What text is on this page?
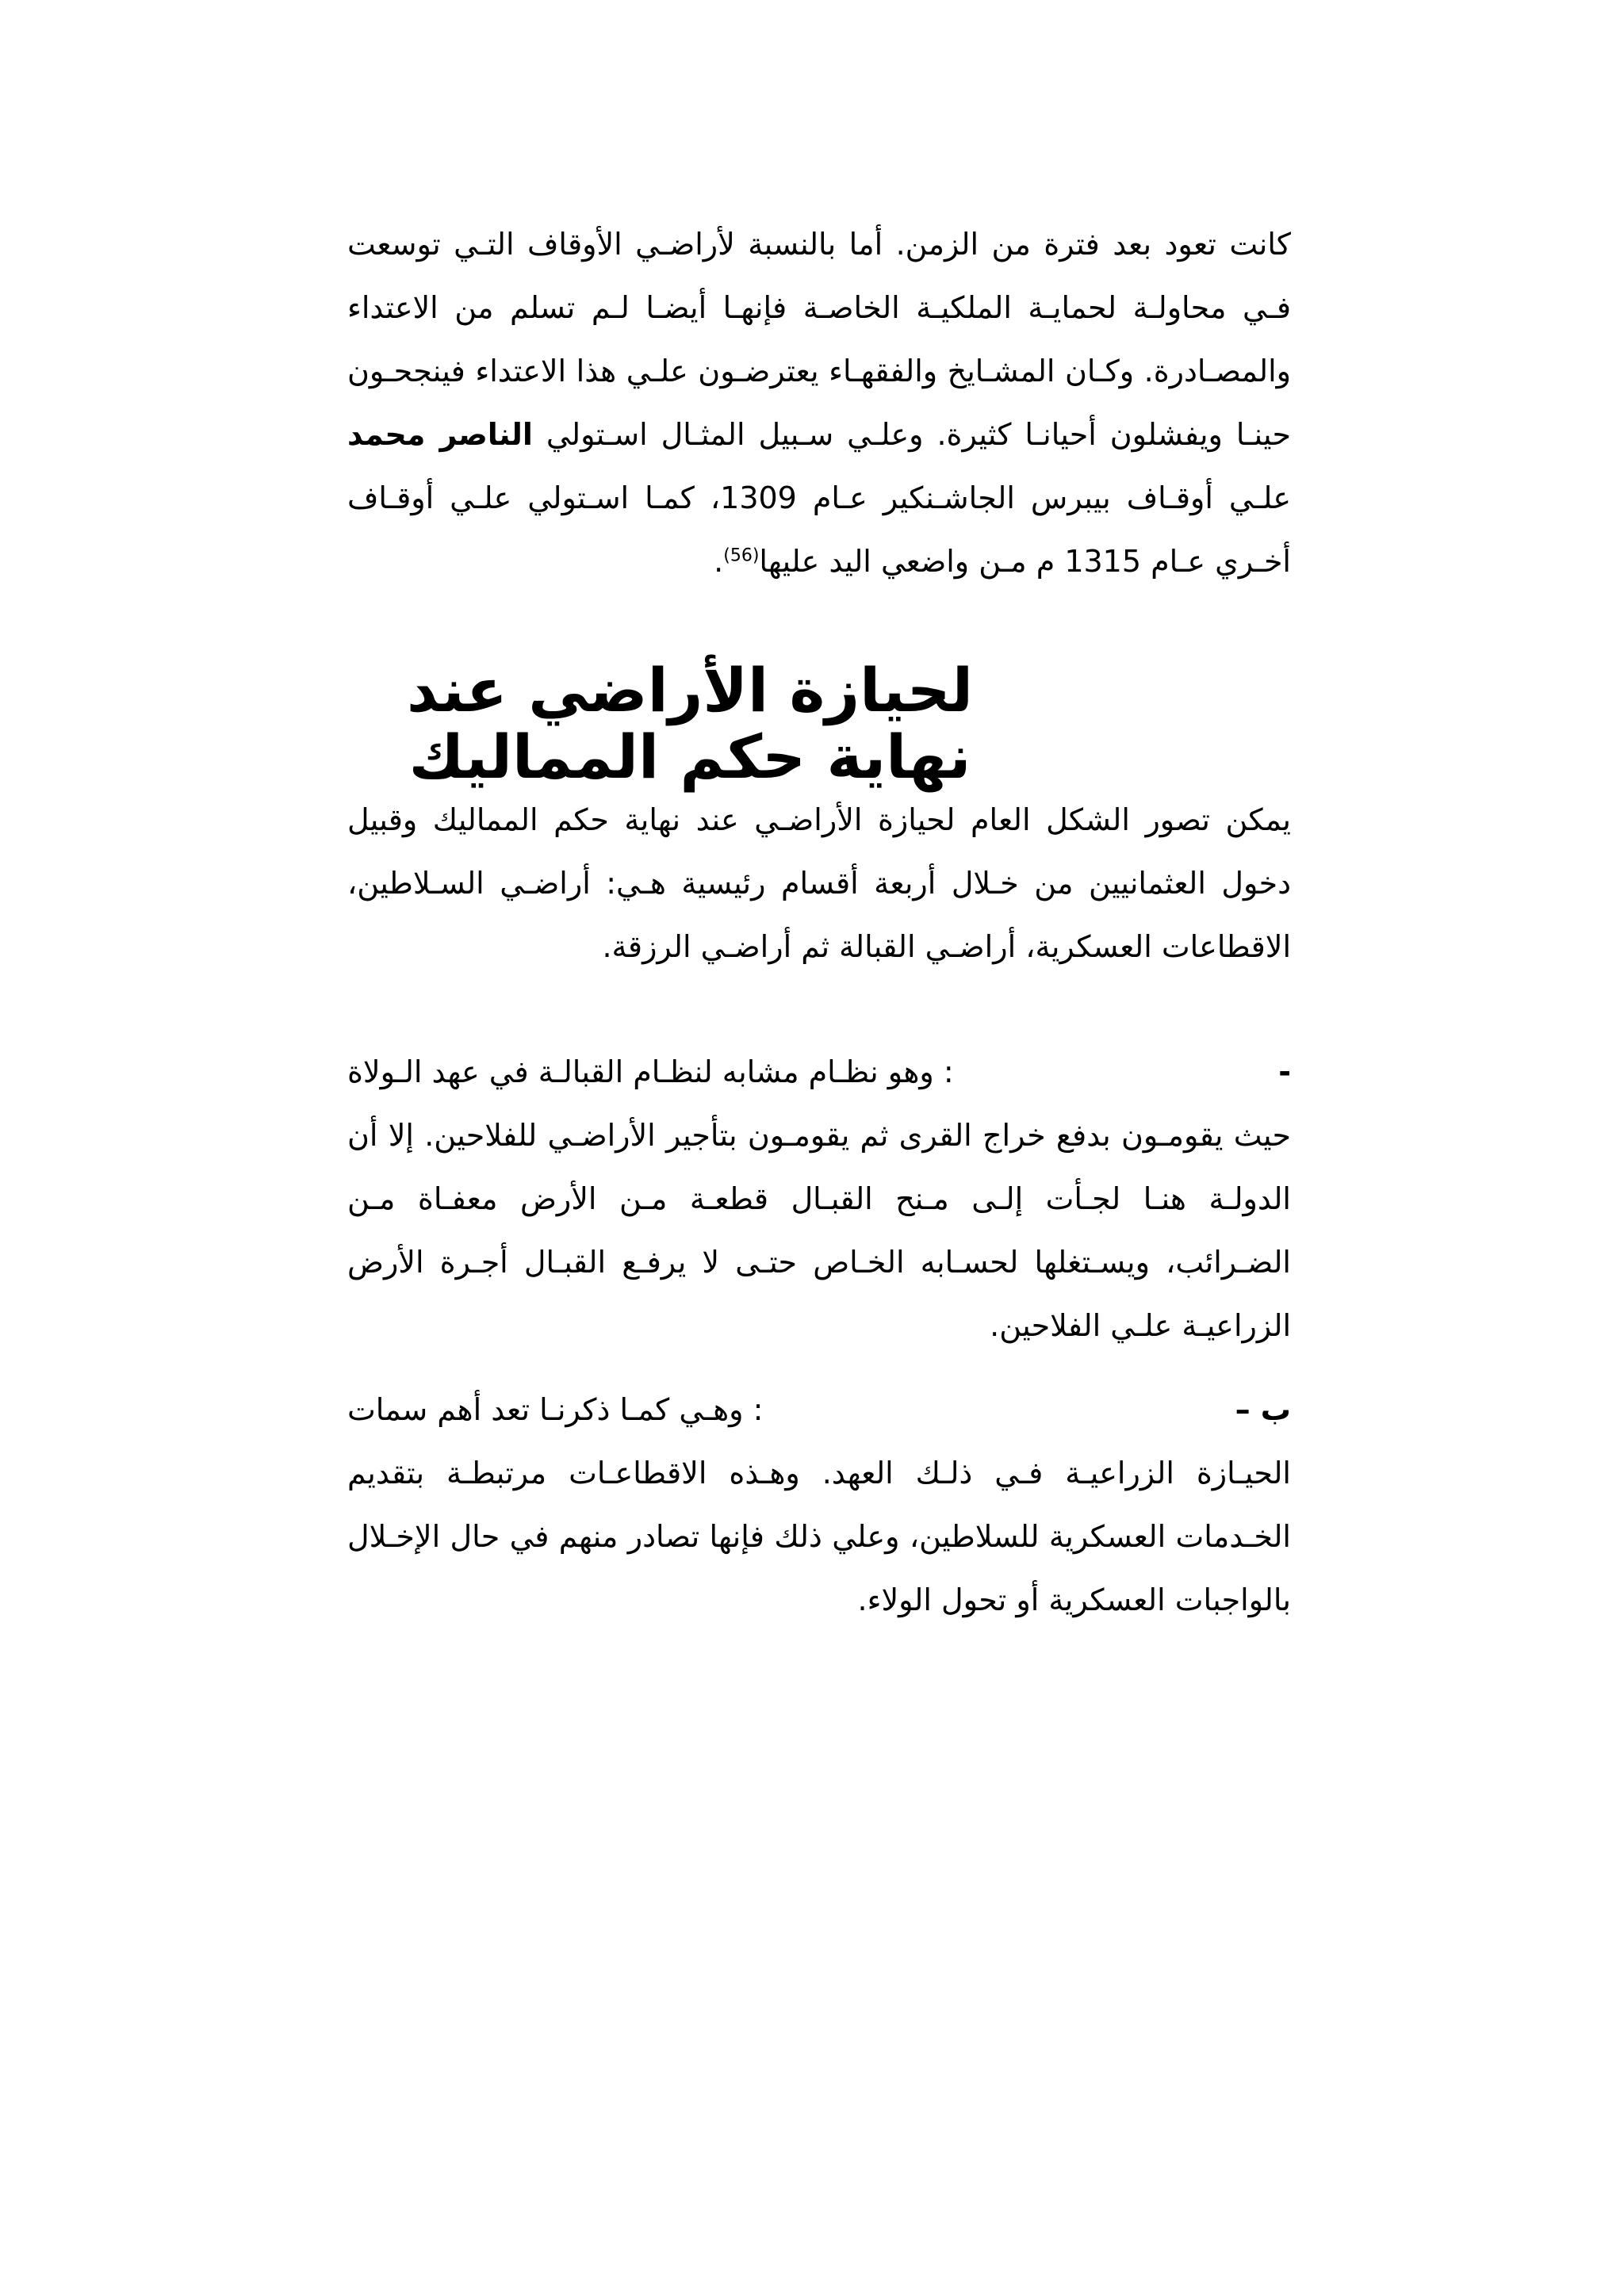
كانت تعود بعد فترة من الزمن. أما بالنسبة لأراضـي الأوقاف التـي توسعت فـي محاولـة لحمايـة الملكيـة الخاصـة فإنهـا أيضـا لـم تسلم من الاعتداء والمصـادرة. وكـان المشـايخ والفقهـاء يعترضـون علـي هذا الاعتداء فينجحـون حينـا ويفشلون أحيانـا كثيرة. وعلـي سـبيل المثـال اسـتولي الناصر محمد علـي أوقـاف بيبرس الجاشـنكير عـام 1309، كمـا اسـتولي علـي أوقـاف أخـري عـام 1315 م مـن واضعي اليد عليها$^{(56)}$.
لحيازة الأراضي عند
نهاية حكم المماليك
يمكن تصور الشكل العام لحيازة الأراضـي عند نهاية حكم المماليك وقبيل دخول العثمانيين من خـلال أربعة أقسام رئيسية هـي: أراضـي السـلاطين، الاقطاعات العسكرية، أراضـي القبالة ثم أراضـي الرزقة.
-
: وهو نظـام مشابه لنظـام القبالـة في عهد الـولاة
حيث يقومـون بدفع خراج القرى ثم يقومـون بتأجير الأراضـي للفلاحين. إلا أن الدولـة هنـا لجـأت إلـى مـنح القبـال قطعـة مـن الأرض معفـاة مـن الضـرائب، ويسـتغلها لحسـابه الخـاص حتـى لا يرفـع القبـال أجـرة الأرض الزراعيـة علـي الفلاحين.
ب –
: وهـي كمـا ذكرنـا تعد أهم سمات
الحيـازة الزراعيـة فـي ذلـك العهد. وهـذه الاقطاعـات مرتبطـة بتقديم الخـدمات العسكرية للسلاطين، وعلي ذلك فإنها تصادر منهم في حال الإخـلال بالواجبات العسكرية أو تحول الولاء.
